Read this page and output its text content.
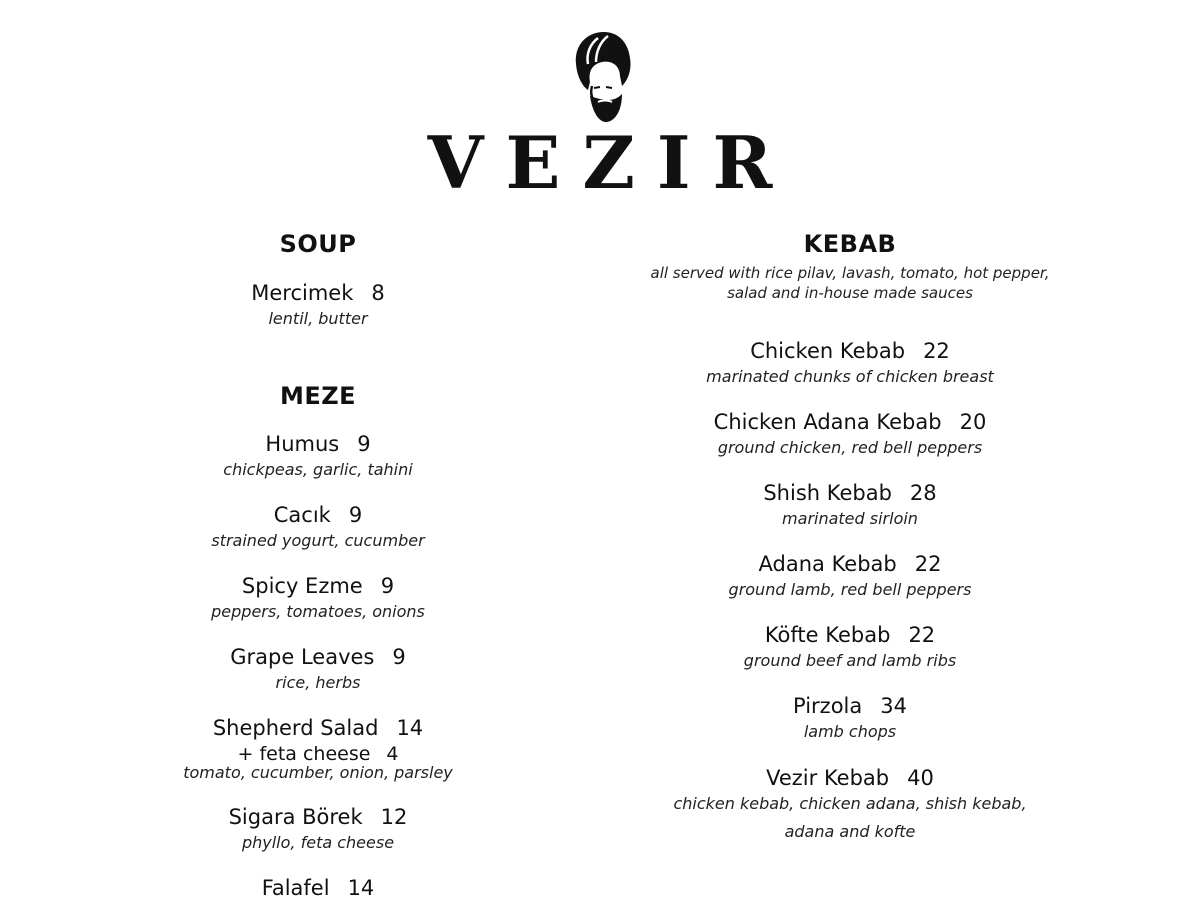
VEZIR
SOUP
Mercimek 8
lentil, butter
MEZE
Humus 9
chickpeas, garlic, tahini
Cacık 9
strained yogurt, cucumber
Spicy Ezme 9
peppers, tomatoes, onions
Grape Leaves 9
rice, herbs
Shepherd Salad 14
+ feta cheese 4
tomato, cucumber, onion, parsley
Sigara Börek 12
phyllo, feta cheese
Falafel 14
KEBAB
all served with rice pilav, lavash, tomato, hot pepper,
salad and in-house made sauces
Chicken Kebab 22
marinated chunks of chicken breast
Chicken Adana Kebab 20
ground chicken, red bell peppers
Shish Kebab 28
marinated sirloin
Adana Kebab 22
ground lamb, red bell peppers
Köfte Kebab 22
ground beef and lamb ribs
Pirzola 34
lamb chops
Vezir Kebab 40
chicken kebab, chicken adana, shish kebab,
adana and kofte
